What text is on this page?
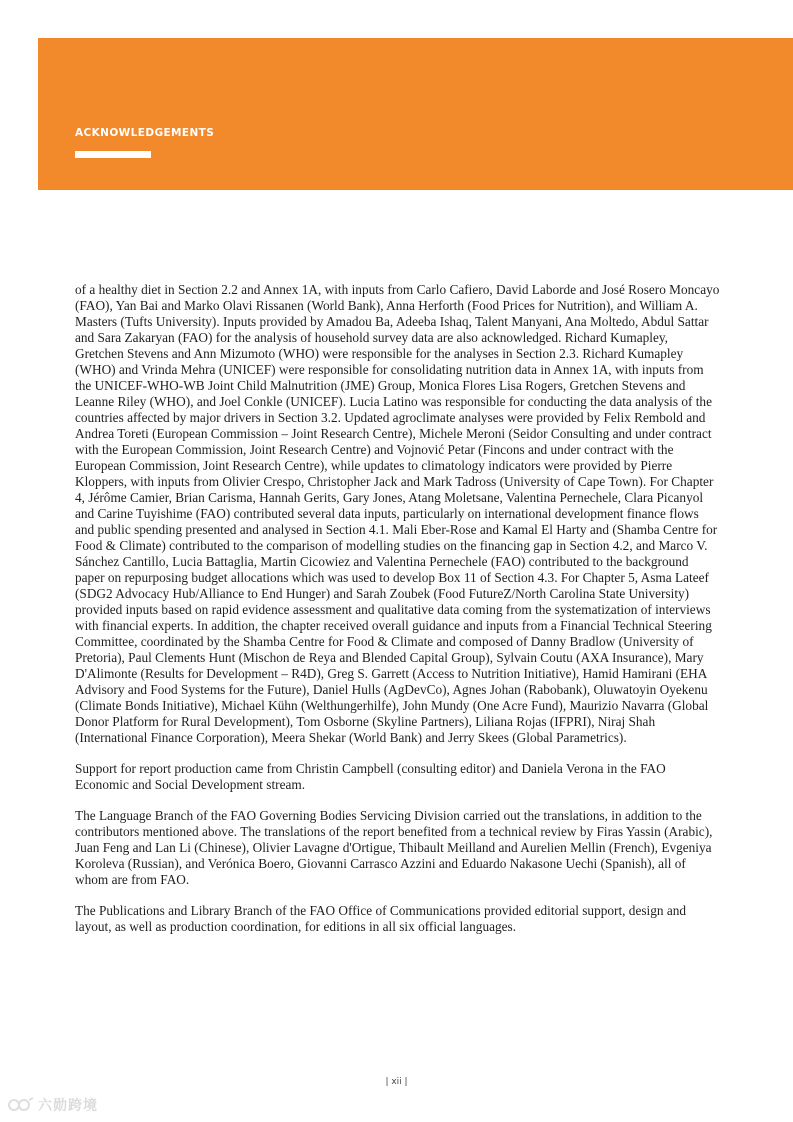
ACKNOWLEDGEMENTS

of a healthy diet in Section 2.2 and Annex 1A, with inputs from Carlo Cafiero, David Laborde and José Rosero Moncayo (FAO), Yan Bai and Marko Olavi Rissanen (World Bank), Anna Herforth (Food Prices for Nutrition), and William A. Masters (Tufts University). Inputs provided by Amadou Ba, Adeeba Ishaq, Talent Manyani, Ana Moltedo, Abdul Sattar and Sara Zakaryan (FAO) for the analysis of household survey data are also acknowledged. Richard Kumapley, Gretchen Stevens and Ann Mizumoto (WHO) were responsible for the analyses in Section 2.3. Richard Kumapley (WHO) and Vrinda Mehra (UNICEF) were responsible for consolidating nutrition data in Annex 1A, with inputs from the UNICEF-WHO-WB Joint Child Malnutrition (JME) Group, Monica Flores Lisa Rogers, Gretchen Stevens and Leanne Riley (WHO), and Joel Conkle (UNICEF). Lucia Latino was responsible for conducting the data analysis of the countries affected by major drivers in Section 3.2. Updated agroclimate analyses were provided by Felix Rembold and Andrea Toreti (European Commission – Joint Research Centre), Michele Meroni (Seidor Consulting and under contract with the European Commission, Joint Research Centre) and Vojnović Petar (Fincons and under contract with the European Commission, Joint Research Centre), while updates to climatology indicators were provided by Pierre Kloppers, with inputs from Olivier Crespo, Christopher Jack and Mark Tadross (University of Cape Town). For Chapter 4, Jérôme Camier, Brian Carisma, Hannah Gerits, Gary Jones, Atang Moletsane, Valentina Pernechele, Clara Picanyol and Carine Tuyishime (FAO) contributed several data inputs, particularly on international development finance flows and public spending presented and analysed in Section 4.1. Mali Eber-Rose and Kamal El Harty and (Shamba Centre for Food & Climate) contributed to the comparison of modelling studies on the financing gap in Section 4.2, and Marco V. Sánchez Cantillo, Lucia Battaglia, Martin Cicowiez and Valentina Pernechele (FAO) contributed to the background paper on repurposing budget allocations which was used to develop Box 11 of Section 4.3. For Chapter 5, Asma Lateef (SDG2 Advocacy Hub/Alliance to End Hunger) and Sarah Zoubek (Food FutureZ/North Carolina State University) provided inputs based on rapid evidence assessment and qualitative data coming from the systematization of interviews with financial experts. In addition, the chapter received overall guidance and inputs from a Financial Technical Steering Committee, coordinated by the Shamba Centre for Food & Climate and composed of Danny Bradlow (University of Pretoria), Paul Clements Hunt (Mischon de Reya and Blended Capital Group), Sylvain Coutu (AXA Insurance), Mary D'Alimonte (Results for Development – R4D), Greg S. Garrett (Access to Nutrition Initiative), Hamid Hamirani (EHA Advisory and Food Systems for the Future), Daniel Hulls (AgDevCo), Agnes Johan (Rabobank), Oluwatoyin Oyekenu (Climate Bonds Initiative), Michael Kühn (Welthungerhilfe), John Mundy (One Acre Fund), Maurizio Navarra (Global Donor Platform for Rural Development), Tom Osborne (Skyline Partners), Liliana Rojas (IFPRI), Niraj Shah (International Finance Corporation), Meera Shekar (World Bank) and Jerry Skees (Global Parametrics).

Support for report production came from Christin Campbell (consulting editor) and Daniela Verona in the FAO Economic and Social Development stream.

The Language Branch of the FAO Governing Bodies Servicing Division carried out the translations, in addition to the contributors mentioned above. The translations of the report benefited from a technical review by Firas Yassin (Arabic), Juan Feng and Lan Li (Chinese), Olivier Lavagne d'Ortigue, Thibault Meilland and Aurelien Mellin (French), Evgeniya Koroleva (Russian), and Verónica Boero, Giovanni Carrasco Azzini and Eduardo Nakasone Uechi (Spanish), all of whom are from FAO.

The Publications and Library Branch of the FAO Office of Communications provided editorial support, design and layout, as well as production coordination, for editions in all six official languages.

| xii |
六勋跨境
